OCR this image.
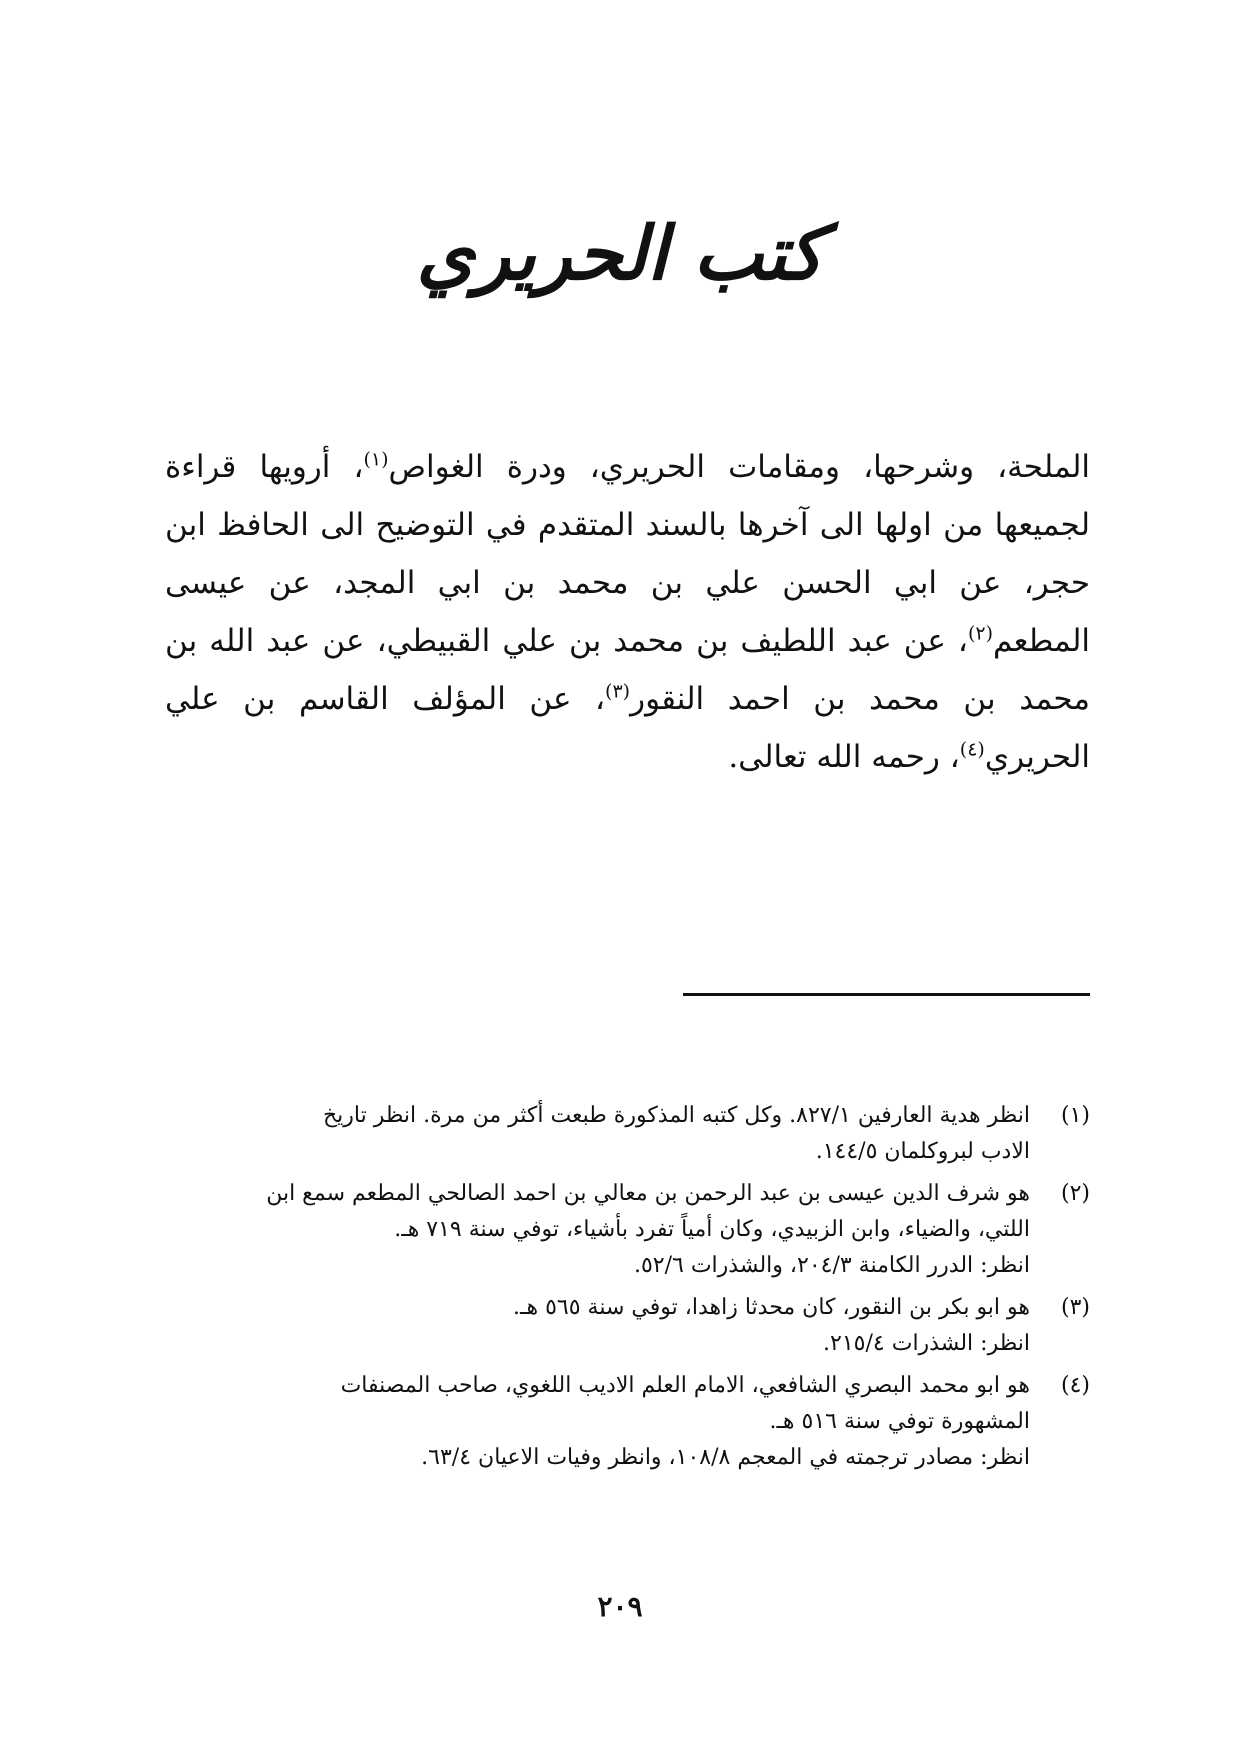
كتب الحريري
الملحة، وشرحها، ومقامات الحريري، ودرة الغواص$^{(١)}$، أرويها قراءة لجميعها من اولها الى آخرها بالسند المتقدم في التوضيح الى الحافظ ابن حجر، عن ابي الحسن علي بن محمد بن ابي المجد، عن عيسى المطعم$^{(٢)}$، عن عبد اللطيف بن محمد بن علي القبيطي، عن عبد الله بن محمد بن محمد بن احمد النقور$^{(٣)}$، عن المؤلف القاسم بن علي الحريري$^{(٤)}$، رحمه الله تعالى.
(١)
انظر هدية العارفين ٨٢٧/١. وكل كتبه المذكورة طبعت أكثر من مرة. انظر تاريخ
الادب لبروكلمان ١٤٤/٥.
(٢)
هو شرف الدين عيسى بن عبد الرحمن بن معالي بن احمد الصالحي المطعم سمع ابن
اللتي، والضياء، وابن الزبيدي، وكان أمياً تفرد بأشياء، توفي سنة ٧١٩ هـ.
انظر: الدرر الكامنة ٢٠٤/٣، والشذرات ٥٢/٦.
(٣)
هو ابو بكر بن النقور، كان محدثا زاهدا، توفي سنة ٥٦٥ هـ.
انظر: الشذرات ٢١٥/٤.
(٤)
هو ابو محمد البصري الشافعي، الامام العلم الاديب اللغوي، صاحب المصنفات
المشهورة توفي سنة ٥١٦ هـ.
انظر: مصادر ترجمته في المعجم ١٠٨/٨، وانظر وفيات الاعيان ٦٣/٤.
٢٠٩
